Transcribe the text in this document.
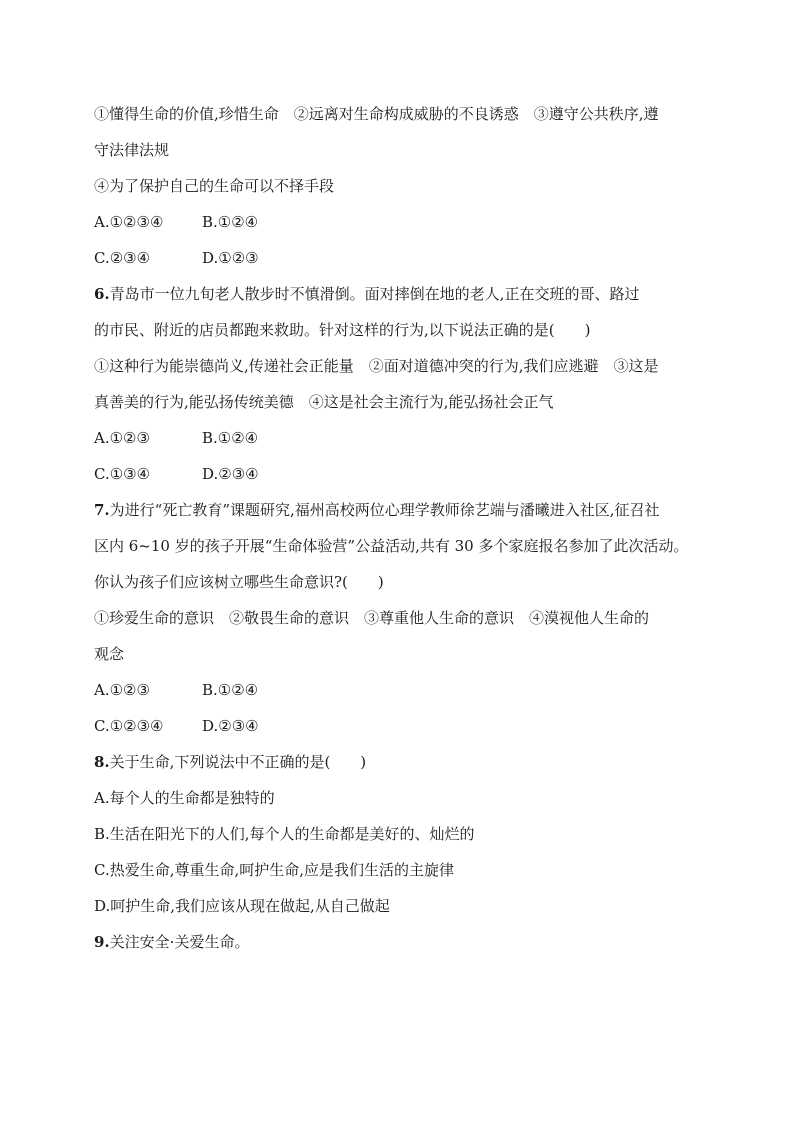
①懂得生命的价值,珍惜生命　②远离对生命构成威胁的不良诱惑　③遵守公共秩序,遵
守法律法规
④为了保护自己的生命可以不择手段
A.①②③④	B.①②④
C.②③④	D.①②③
6.青岛市一位九旬老人散步时不慎滑倒。面对摔倒在地的老人,正在交班的哥、路过
的市民、附近的店员都跑来救助。针对这样的行为,以下说法正确的是(　　)
①这种行为能崇德尚义,传递社会正能量　②面对道德冲突的行为,我们应逃避　③这是
真善美的行为,能弘扬传统美德　④这是社会主流行为,能弘扬社会正气
A.①②③	B.①②④
C.①③④	D.②③④
7.为进行“死亡教育”课题研究,福州高校两位心理学教师徐艺端与潘曦进入社区,征召社
区内 6~10 岁的孩子开展“生命体验营”公益活动,共有 30 多个家庭报名参加了此次活动。
你认为孩子们应该树立哪些生命意识?(　　)
①珍爱生命的意识　②敬畏生命的意识　③尊重他人生命的意识　④漠视他人生命的
观念
A.①②③	B.①②④
C.①②③④	D.②③④
8.关于生命,下列说法中不正确的是(　　)
A.每个人的生命都是独特的
B.生活在阳光下的人们,每个人的生命都是美好的、灿烂的
C.热爱生命,尊重生命,呵护生命,应是我们生活的主旋律
D.呵护生命,我们应该从现在做起,从自己做起
9.关注安全·关爱生命。
